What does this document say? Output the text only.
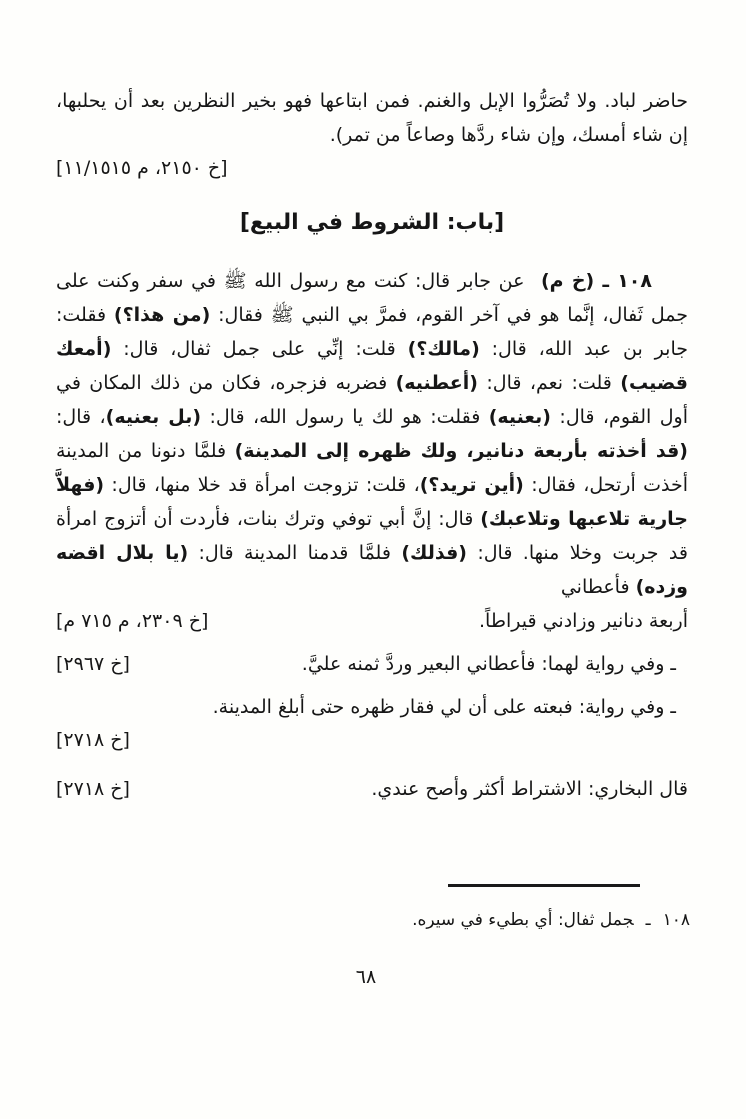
حاضر لباد. ولا تُصَرُّوا الإبل والغنم. فمن ابتاعها فهو بخير النظرين بعد أن يحلبها، إن شاء أمسك، وإن شاء ردَّها وصاعاً من تمر).

[خ ٢١٥٠، م ١١/١٥١٥]
[باب: الشروط في البيع]

١٠٨ ـ (خ م)  عن جابر قال: كنت مع رسول الله ﷺ في سفر وكنت على جمل ثَفال، إنَّما هو في آخر القوم، فمرَّ بي النبي ﷺ فقال: (من هذا؟) فقلت: جابر بن عبد الله، قال: (مالك؟) قلت: إنِّي على جمل ثفال، قال: (أمعك قضيب) قلت: نعم، قال: (أعطنيه) فضربه فزجره، فكان من ذلك المكان في أول القوم، قال: (بعنيه) فقلت: هو لك يا رسول الله، قال: (بل بعنيه)، قال: (قد أخذته بأربعة دنانير، ولك ظهره إلى المدينة) فلمَّا دنونا من المدينة أخذت أرتحل، فقال: (أين تريد؟)، قلت: تزوجت امرأة قد خلا منها، قال: (فهلاَّ جارية تلاعبها وتلاعبك) قال: إنَّ أبي توفي وترك بنات، فأردت أن أتزوج امرأة قد جربت وخلا منها. قال: (فذلك) فلمَّا قدمنا المدينة قال: (يا بلال اقضه وزده) فأعطاني

أربعة دنانير وزادني قيراطاً.
[خ ٢٣٠٩، م ٧١٥ م]
ـ وفي رواية لهما: فأعطاني البعير وردَّ ثمنه عليَّ.
[خ ٢٩٦٧]
ـ وفي رواية: فبعته على أن لي فقار ظهره حتى أبلغ المدينة.
[خ ٢٧١٨]
قال البخاري: الاشتراط أكثر وأصح عندي.
[خ ٢٧١٨]
١٠٨ـجمل ثفال: أي بطيء في سيره.
٦٨
